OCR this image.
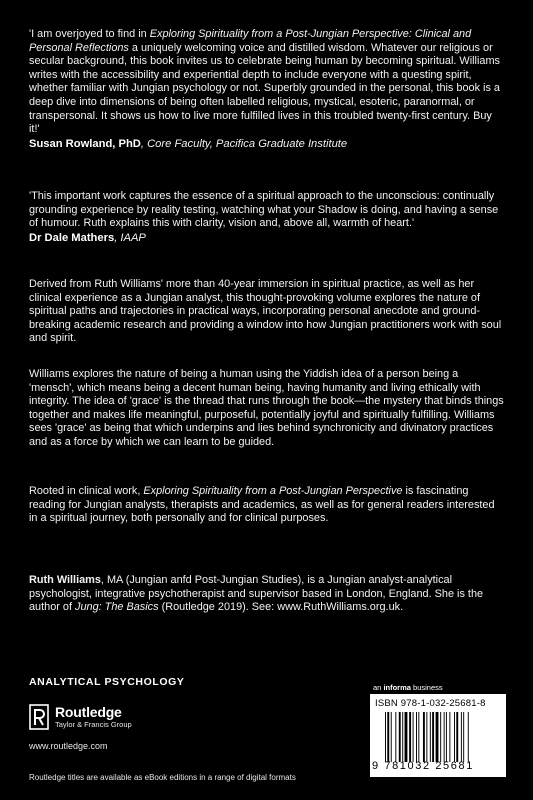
'I am overjoyed to find in Exploring Spirituality from a Post-Jungian Perspective: Clinical and Personal Reflections a uniquely welcoming voice and distilled wisdom. Whatever our religious or secular background, this book invites us to celebrate being human by becoming spiritual. Williams writes with the accessibility and experiential depth to include everyone with a questing spirit, whether familiar with Jungian psychology or not. Superbly grounded in the personal, this book is a deep dive into dimensions of being often labelled religious, mystical, esoteric, paranormal, or transpersonal. It shows us how to live more fulfilled lives in this troubled twenty-first century. Buy it!'

Susan Rowland, PhD, Core Faculty, Pacifica Graduate Institute

'This important work captures the essence of a spiritual approach to the unconscious: continually grounding experience by reality testing, watching what your Shadow is doing, and having a sense of humour. Ruth explains this with clarity, vision and, above all, warmth of heart.'

Dr Dale Mathers, IAAP

Derived from Ruth Williams' more than 40-year immersion in spiritual practice, as well as her clinical experience as a Jungian analyst, this thought-provoking volume explores the nature of spiritual paths and trajectories in practical ways, incorporating personal anecdote and ground-breaking academic research and providing a window into how Jungian practitioners work with soul and spirit.

Williams explores the nature of being a human using the Yiddish idea of a person being a 'mensch', which means being a decent human being, having humanity and living ethically with integrity. The idea of 'grace' is the thread that runs through the book—the mystery that binds things together and makes life meaningful, purposeful, potentially joyful and spiritually fulfilling. Williams sees 'grace' as being that which underpins and lies behind synchronicity and divinatory practices and as a force by which we can learn to be guided.

Rooted in clinical work, Exploring Spirituality from a Post-Jungian Perspective is fascinating reading for Jungian analysts, therapists and academics, as well as for general readers interested in a spiritual journey, both personally and for clinical purposes.

Ruth Williams, MA (Jungian anfd Post-Jungian Studies), is a Jungian analyst-analytical psychologist, integrative psychotherapist and supervisor based in London, England. She is the author of Jung: The Basics (Routledge 2019). See: www.RuthWilliams.org.uk.

ANALYTICAL PSYCHOLOGY
Routledge
Taylor & Francis Group
www.routledge.com
an informa business
ISBN 978-1-032-25681-8
9 781032 25681
Routledge titles are available as eBook editions in a range of digital formats
